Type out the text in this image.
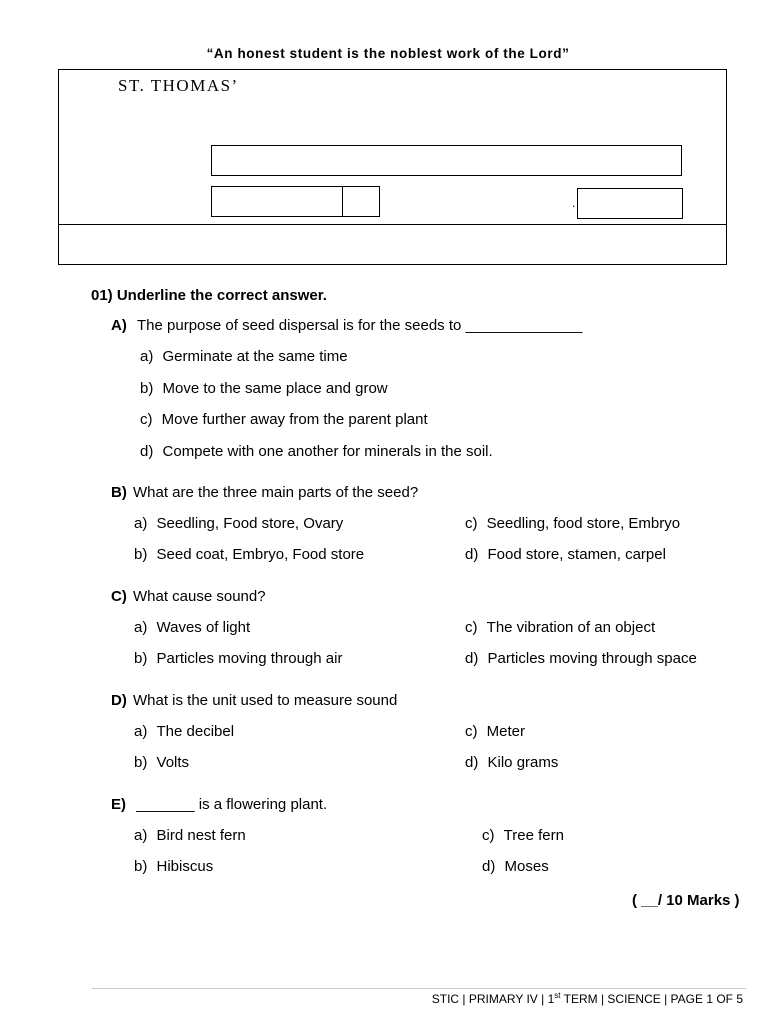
“An honest student is the noblest work of the Lord”
ST. THOMAS’
.
01) Underline the correct answer.
A) The purpose of seed dispersal is for the seeds to ______________
a) Germinate at the same time
b) Move to the same place and grow
c) Move further away from the parent plant
d) Compete with one another for minerals in the soil.
B) What are the three main parts of the seed?
a) Seedling, Food store, Ovary
b) Seed coat, Embryo, Food store
c) Seedling, food store, Embryo
d) Food store, stamen, carpel
C) What cause sound?
a) Waves of light
b) Particles moving through air
c) The vibration of an object
d) Particles moving through space
D) What is the unit used to measure sound
a) The decibel
b) Volts
c) Meter
d) Kilo grams
E) _______ is a flowering plant.
a) Bird nest fern
b) Hibiscus
c) Tree fern
d) Moses
( __/ 10 Marks )
STIC | PRIMARY IV | 1st TERM | SCIENCE | PAGE 1 OF 5
